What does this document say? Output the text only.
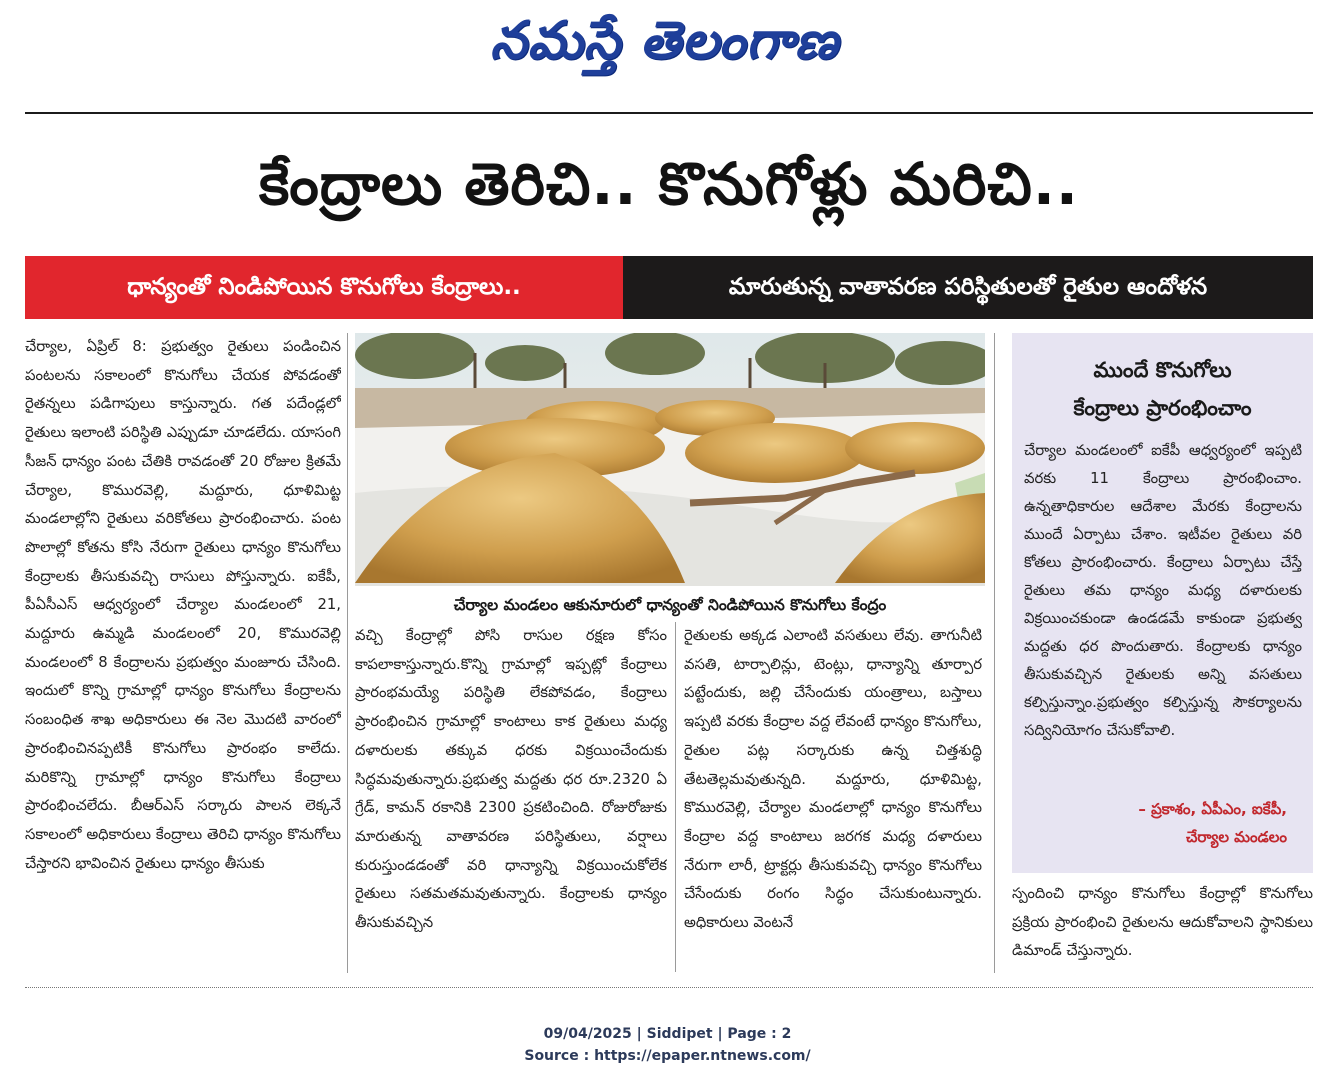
నమస్తే తెలంగాణ
కేంద్రాలు తెరిచి.. కొనుగోళ్లు మరిచి..
ధాన్యంతో నిండిపోయిన కొనుగోలు కేంద్రాలు..	మారుతున్న వాతావరణ పరిస్థితులతో రైతుల ఆందోళన

చేర్యాల, ఏప్రిల్ 8: ప్రభుత్వం రైతులు పండించిన పంటలను సకాలంలో కొనుగోలు చేయక పోవడంతో రైతన్నలు పడిగాపులు కాస్తున్నారు. గత పదేండ్లలో రైతులు ఇలాంటి పరిస్థితి ఎప్పుడూ చూడలేదు. యాసంగి సీజన్ ధాన్యం పంట చేతికి రావడంతో 20 రోజుల క్రితమే చేర్యాల, కొమురవెల్లి, మద్దూరు, ధూళిమిట్ట మండలాల్లోని రైతులు వరికోతలు ప్రారంభించారు. పంట పొలాల్లో కోతను కోసి నేరుగా రైతులు ధాన్యం కొనుగోలు కేంద్రాలకు తీసుకువచ్చి రాసులు పోస్తున్నారు. ఐకేపీ, పీఏసీఎస్ ఆధ్వర్యంలో చేర్యాల మండలంలో 21, మద్దూరు ఉమ్మడి మండలంలో 20, కొమురవెల్లి మండలంలో 8 కేంద్రాలను ప్రభుత్వం మంజూరు చేసింది. ఇందులో కొన్ని గ్రామాల్లో ధాన్యం కొనుగోలు కేంద్రాలను సంబంధిత శాఖ అధికారులు ఈ నెల మొదటి వారంలో ప్రారంభించినప్పటికీ కొనుగోలు ప్రారంభం కాలేదు. మరికొన్ని గ్రామాల్లో ధాన్యం కొనుగోలు కేంద్రాలు ప్రారంభించలేదు. బీఆర్ఎస్ సర్కారు పాలన లెక్కనే సకాలంలో అధికారులు కేంద్రాలు తెరిచి ధాన్యం కొనుగోలు చేస్తారని భావించిన రైతులు ధాన్యం తీసుకు

చేర్యాల మండలం ఆకునూరులో ధాన్యంతో నిండిపోయిన కొనుగోలు కేంద్రం

వచ్చి కేంద్రాల్లో పోసి రాసుల రక్షణ కోసం కాపలాకాస్తున్నారు.కొన్ని గ్రామాల్లో ఇప్పట్లో కేంద్రాలు ప్రారంభమయ్యే పరిస్థితి లేకపోవడం, కేంద్రాలు ప్రారంభించిన గ్రామాల్లో కాంటాలు కాక రైతులు మధ్య దళారులకు తక్కువ ధరకు విక్రయించేందుకు సిద్ధమవుతున్నారు.ప్రభుత్వ మద్దతు ధర రూ.2320 ఏ గ్రేడ్, కామన్ రకానికి 2300 ప్రకటించింది. రోజురోజుకు మారుతున్న వాతావరణ పరిస్థితులు, వర్షాలు కురుస్తుండడంతో వరి ధాన్యాన్ని విక్రయించుకోలేక రైతులు సతమతమవుతున్నారు. కేంద్రాలకు ధాన్యం తీసుకువచ్చిన

రైతులకు అక్కడ ఎలాంటి వసతులు లేవు. తాగునీటి వసతి, టార్పాలిన్లు, టెంట్లు, ధాన్యాన్ని తూర్పార పట్టేందుకు, జల్లి చేసేందుకు యంత్రాలు, బస్తాలు ఇప్పటి వరకు కేంద్రాల వద్ద లేవంటే ధాన్యం కొనుగోలు, రైతుల పట్ల సర్కారుకు ఉన్న చిత్తశుద్ధి తేటతెల్లమవుతున్నది. మద్దూరు, ధూళిమిట్ట, కొమురవెల్లి, చేర్యాల మండలాల్లో ధాన్యం కొనుగోలు కేంద్రాల వద్ద కాంటాలు జరగక మధ్య దళారులు నేరుగా లారీ, ట్రాక్టర్లు తీసుకువచ్చి ధాన్యం కొనుగోలు చేసేందుకు రంగం సిద్ధం చేసుకుంటున్నారు. అధికారులు వెంటనే

ముందే కొనుగోలు
కేంద్రాలు ప్రారంభించాం
చేర్యాల మండలంలో ఐకేపీ ఆధ్వర్యంలో ఇప్పటి వరకు 11 కేంద్రాలు ప్రారంభించాం. ఉన్నతాధికారుల ఆదేశాల మేరకు కేంద్రాలను ముందే ఏర్పాటు చేశాం. ఇటీవల రైతులు వరి కోతలు ప్రారంభించారు. కేంద్రాలు ఏర్పాటు చేస్తే రైతులు తమ ధాన్యం మధ్య దళారులకు విక్రయించకుండా ఉండడమే కాకుండా ప్రభుత్వ మద్దతు ధర పొందుతారు. కేంద్రాలకు ధాన్యం తీసుకువచ్చిన రైతులకు అన్ని వసతులు కల్పిస్తున్నాం.ప్రభుత్వం కల్పిస్తున్న సౌకర్యాలను సద్వినియోగం చేసుకోవాలి.
– ప్రకాశం, ఏపీఎం, ఐకేపీ,
చేర్యాల మండలం
స్పందించి ధాన్యం కొనుగోలు కేంద్రాల్లో కొనుగోలు ప్రక్రియ ప్రారంభించి రైతులను ఆదుకోవాలని స్థానికులు డిమాండ్ చేస్తున్నారు.
09/04/2025 | Siddipet | Page : 2
Source : https://epaper.ntnews.com/
